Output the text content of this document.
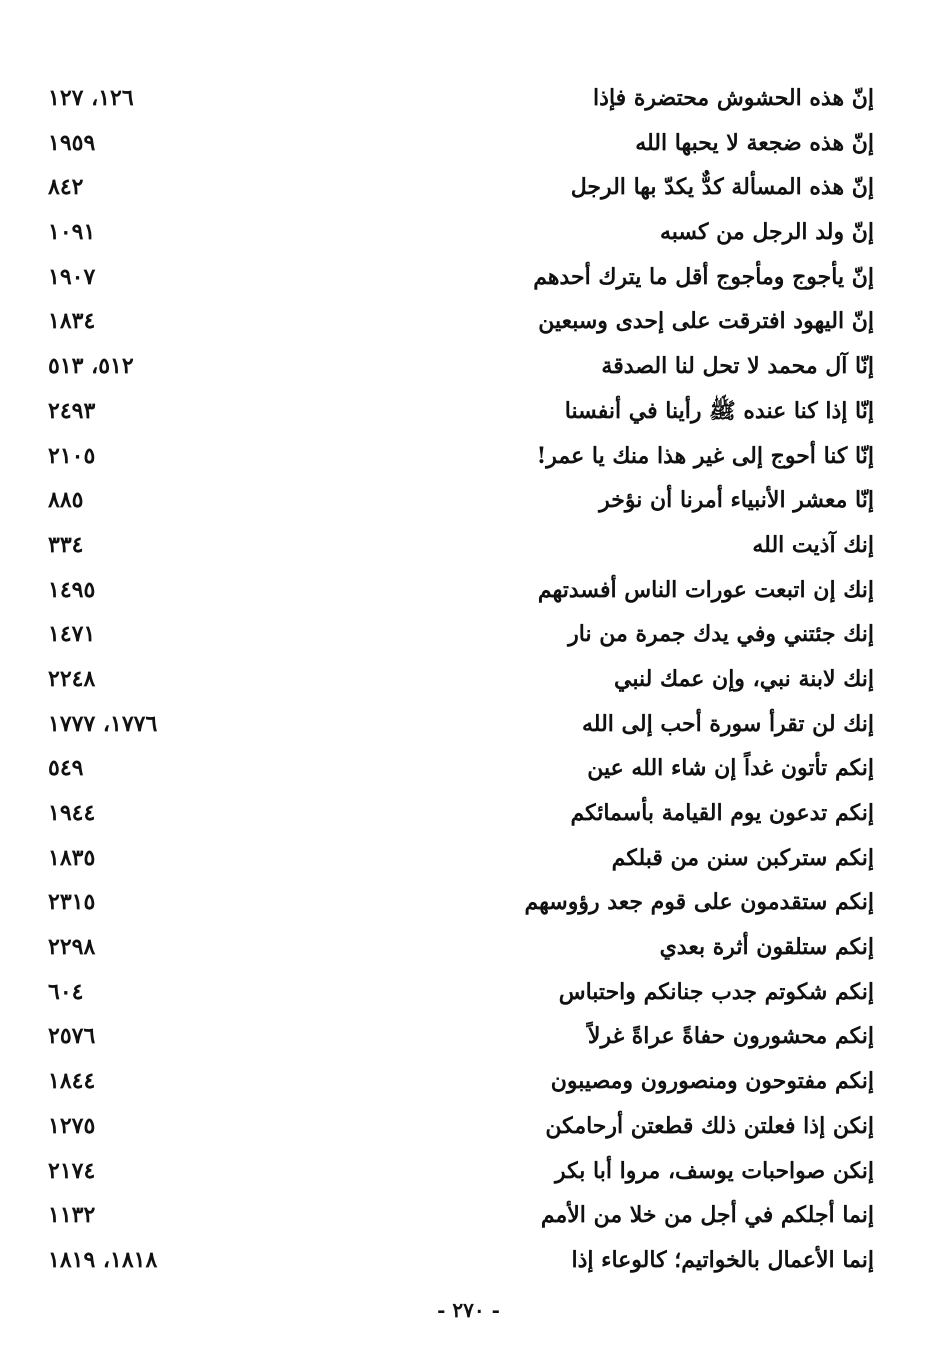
إنّ هذه الحشوش محتضرة فإذا
١٢٦، ١٢٧
إنّ هذه ضجعة لا يحبها الله
١٩٥٩
إنّ هذه المسألة كدٌّ يكدّ بها الرجل
٨٤٢
إنّ ولد الرجل من كسبه
١٠٩١
إنّ يأجوج ومأجوج أقل ما يترك أحدهم
١٩٠٧
إنّ اليهود افترقت على إحدى وسبعين
١٨٣٤
إنّا آل محمد لا تحل لنا الصدقة
٥١٢، ٥١٣
إنّا إذا كنا عنده ﷺ رأينا في أنفسنا
٢٤٩٣
إنّا كنا أحوج إلى غير هذا منك يا عمر!
٢١٠٥
إنّا معشر الأنبياء أمرنا أن نؤخر
٨٨٥
إنك آذيت الله
٣٣٤
إنك إن اتبعت عورات الناس أفسدتهم
١٤٩٥
إنك جئتني وفي يدك جمرة من نار
١٤٧١
إنك لابنة نبي، وإن عمك لنبي
٢٢٤٨
إنك لن تقرأ سورة أحب إلى الله
١٧٧٦، ١٧٧٧
إنكم تأتون غداً إن شاء الله عين
٥٤٩
إنكم تدعون يوم القيامة بأسمائكم
١٩٤٤
إنكم ستركبن سنن من قبلكم
١٨٣٥
إنكم ستقدمون على قوم جعد رؤوسهم
٢٣١٥
إنكم ستلقون أثرة بعدي
٢٢٩٨
إنكم شكوتم جدب جنانكم واحتباس
٦٠٤
إنكم محشورون حفاةً عراةً غرلاً
٢٥٧٦
إنكم مفتوحون ومنصورون ومصيبون
١٨٤٤
إنكن إذا فعلتن ذلك قطعتن أرحامكن
١٢٧٥
إنكن صواحبات يوسف، مروا أبا بكر
٢١٧٤
إنما أجلكم في أجل من خلا من الأمم
١١٣٢
إنما الأعمال بالخواتيم؛ كالوعاء إذا
١٨١٨، ١٨١٩
- ٢٧٠ -
